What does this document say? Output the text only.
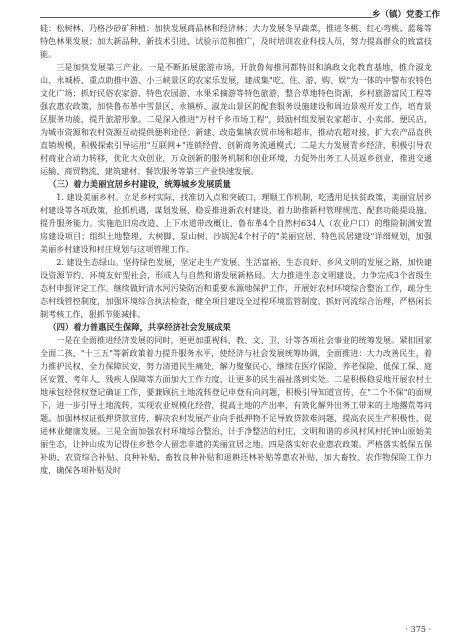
乡（镇）党委工作

硅：松树林、乃格沙砂矿种植：加快发展商品林和经济林；大力发展冬早蔬菜，推进冬桃、红心弯桃、蓝莓等特色林果发展；加大新品种、新技术引进、试验示范和推广，及时培训农业科技人员，努力提高群众的致富技能。

三是加快发展第三产业。一是不断拓展旅游市场，开放鲁甸推河都特旧和滇政文化教育基地，推介淑龙山、永城桥、重点助推中游、小三峡景区的农家乐发展，建成集"吃、住、游、购、娱"为一体的中警布农特色文化广场；抓好民俗农家游、特色农园游、水果采摘游等特色旅游，整合草地特色资源，乡村旅游富民工程等强农惠农政策，加快鲁布革中雪景区、永镇桥、淑龙山景区的配套服务设施建设和周边景观开发工作，培育景区服务功能，提升旅游形象。二是深入推进"万村千乡市场工程"，鼓励村组发展农家超市、小卖部、便民店，为城市资源和农村资源互动提供便利途径；新建、改造集镇农贸市场和超市，推动农超对接，扩大农产品直供直销规模，积极探索引导运用"互联网+"连锁经营、创新商务流通模式；二是大力发展青乡经济，积极引导农村商业合动力转移，优化大众创业，万众创新的服务机制和创业环境，力促外出务工人员返乡创业，推进交通运输、商贸物流、建筑建材、餐饮服务等第三产业快速发展。

（三）着力美丽宜居乡村建设，统筹城乡发展质量

1. 建设美丽乡村。立足乡村实际，找准切入点和突破口，理顺工作机制，吃透用足扶贫政策，美丽宜居乡村建设等各项政策，抢抓机遇，谋划发展，稳妥推进新农村建设，着力助推新村管理规范、配套功能提设施、提升服务能力。实施危旧房改造、上下水道带改概让、鲁布革4个自然村634人（农业户口）的维险制测安置房建设项目；组织土地整理、大树脚、泵山树、沙锅泥4个村子的"美丽宜居、特色民居建设"详细规划，加强美丽乡村建设和村庄规划与这项管理工作。

2. 建设生态绿山。坚持绿色发展，坚定走生产发展、生活富裕、生态良好、乡风文明的发展之路，加快建设资源节约、环境友好型社会，形成人与自然和谐发展新格局。大力推进生态文明建设，力争完成3个省级生态村申报评定工作。继续做好清水河污染防治和重要水源地保护工作，开展好农村环境综合整治工作，疏分生态村线管控制度，加强环境综合执法检查，健全项目建设全过程环境监管制度，抓好河流综合治理，严格闲长制考核工作，狠抓节能减排。

（四）着力普惠民生保障，共享经济社会发展成果

一是在全面推进经济发展的同时，更更加重视科、教、文、卫、计等各项社会事业的统筹发展。紧扣国家全面二孩、"十三五"等新政策着力提升服务水平，使经济与社会发展统筹协调，全面推进：大力改善民生，着力推护民权，全力保障民安，努力清道民生痛处，解力聚聚民心，继续在医疗保险、养老保险、低保工保、庭区安置、考年人、残疾人保障等方面加大工作力度，让更多的民生福祉落到实处。二是积极稳妥地开展农村土地承包经营权登记确证工作，要兼顾抗土地流转登记申登有向问题，积极引导知道宣传，在"二个不保"的面规下，进一步引导土地流转，实现农业规模化经营，提高土地的产出率，有效化解外出务工带来的土地撂荒等问题。加强林权证抵押贷款宣传，解决农村发展产业向手抵押物不足导致贷款难问题，提高农民生产积极性，促进林业健康发展。三是全面加强农村环境综合整治，计手净整洁的村庄，文明和谐的乡风村风村托钟山原始美丽生态，让钟山成为记得住乡愁令人留恋非遗的美丽宜居之地。四是落实好农业惠农政策。严格落实低保五保补助、农资综合补贴、良种补贴、畜牧良种补贴和退耕还林补贴等惠农补贴，加大畜牧、农作物保险工作力度，确保各项补贴及时

· 375 ·
